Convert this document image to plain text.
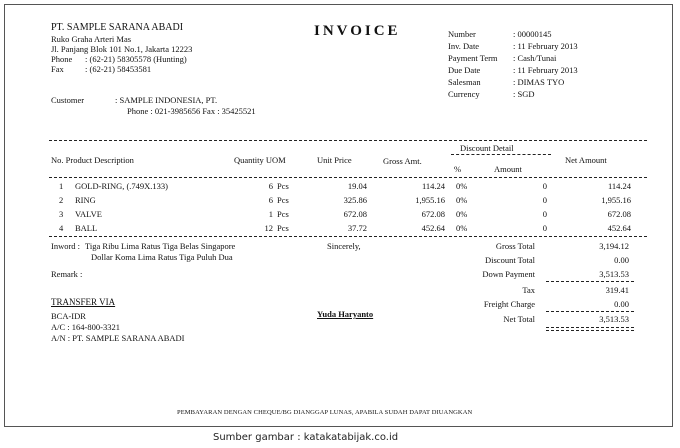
PT. SAMPLE SARANA ABADI
Ruko Graha Arteri Mas
Jl. Panjang Blok 101 No.1, Jakarta 12223
Phone : (62-21) 58305578 (Hunting)
Fax	: (62-21) 58453581
INVOICE	Number	: 00000145
Inv. Date	: 11 February 2013
Payment Term : Cash/Tunai
Due Date	: 11 February 2013
Salesman	: DIMAS TYO
Currency	: SGD
Customer	: SAMPLE INDONESIA, PT.
Phone : 021-3985656 Fax : 35425521
Discount Detail
No. Product Description	Quantity UOM	Unit Price	Gross Amt.	Net Amount
%	Amount
1 GOLD-RING, (.749X.133)	6 Pcs	19.04	114.24 0%	0	114.24
2 RING	6 Pcs	325.86	1,955.16 0%	0	1,955.16
3 VALVE	1 Pcs	672.08	672.08 0%	0	672.08
4 BALL	12 Pcs	37.72	452.64 0%	0	452.64
Inword : Tiga Ribu Lima Ratus Tiga Belas Singapore
Dollar Koma Lima Ratus Tiga Puluh Dua
Remark :
Sincerely,	Gross Total	3,194.12
Discount Total	0.00
Down Payment	3,513.53
Tax	319.41
Freight Charge	0.00
Net Total	3,513.53
TRANSFER VIA
BCA-IDR
A/C : 164-800-3321
A/N : PT. SAMPLE SARANA ABADI
Yuda Haryanto
PEMBAYARAN DENGAN CHEQUE/BG DIANGGAP LUNAS, APABILA SUDAH DAPAT DIUANGKAN
Sumber gambar : katakatabijak.co.id
